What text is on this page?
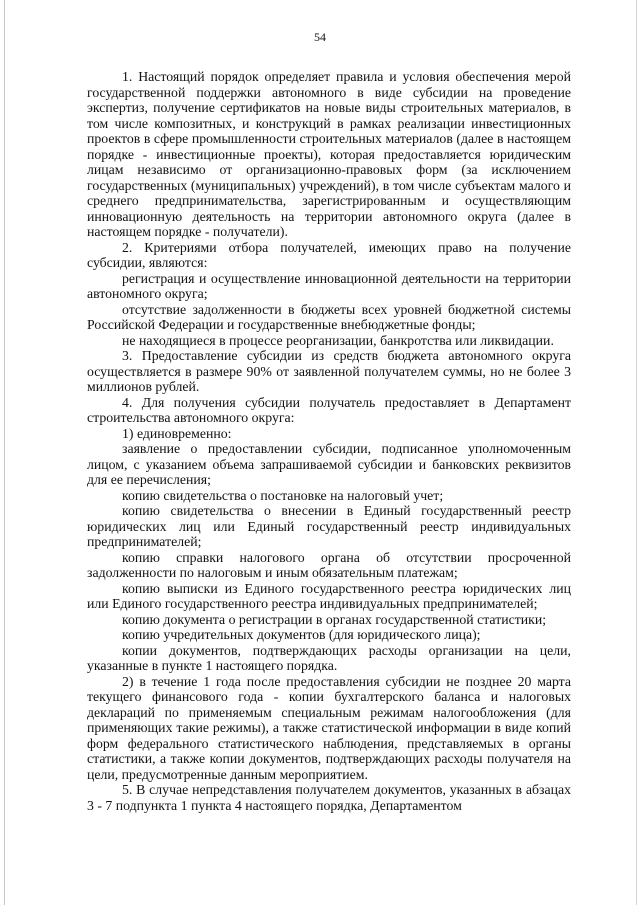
54

1. Настоящий порядок определяет правила и условия обеспечения мерой государственной поддержки автономного в виде субсидии на проведение экспертиз, получение сертификатов на новые виды строительных материалов, в том числе композитных, и конструкций в рамках реализации инвестиционных проектов в сфере промышленности строительных материалов (далее в настоящем порядке - инвестиционные проекты), которая предоставляется юридическим лицам независимо от организационно-правовых форм (за исключением государственных (муниципальных) учреждений), в том числе субъектам малого и среднего предпринимательства, зарегистрированным и осуществляющим инновационную деятельность на территории автономного округа (далее в настоящем порядке - получатели).

2. Критериями отбора получателей, имеющих право на получение субсидии, являются:

регистрация и осуществление инновационной деятельности на территории автономного округа;

отсутствие задолженности в бюджеты всех уровней бюджетной системы Российской Федерации и государственные внебюджетные фонды;

не находящиеся в процессе реорганизации, банкротства или ликвидации.

3. Предоставление субсидии из средств бюджета автономного округа осуществляется в размере 90% от заявленной получателем суммы, но не более 3 миллионов рублей.

4. Для получения субсидии получатель предоставляет в Департамент строительства автономного округа:

1) единовременно:

заявление о предоставлении субсидии, подписанное уполномоченным лицом, с указанием объема запрашиваемой субсидии и банковских реквизитов для ее перечисления;

копию свидетельства о постановке на налоговый учет;

копию свидетельства о внесении в Единый государственный реестр юридических лиц или Единый государственный реестр индивидуальных предпринимателей;

копию справки налогового органа об отсутствии просроченной задолженности по налоговым и иным обязательным платежам;

копию выписки из Единого государственного реестра юридических лиц или Единого государственного реестра индивидуальных предпринимателей;

копию документа о регистрации в органах государственной статистики;

копию учредительных документов (для юридического лица);

копии документов, подтверждающих расходы организации на цели, указанные в пункте 1 настоящего порядка.

2) в течение 1 года после предоставления субсидии не позднее 20 марта текущего финансового года - копии бухгалтерского баланса и налоговых деклараций по применяемым специальным режимам налогообложения (для применяющих такие режимы), а также статистической информации в виде копий форм федерального статистического наблюдения, представляемых в органы статистики, а также копии документов, подтверждающих расходы получателя на цели, предусмотренные данным мероприятием.

5. В случае непредставления получателем документов, указанных в абзацах 3 - 7 подпункта 1 пункта 4 настоящего порядка, Департаментом
